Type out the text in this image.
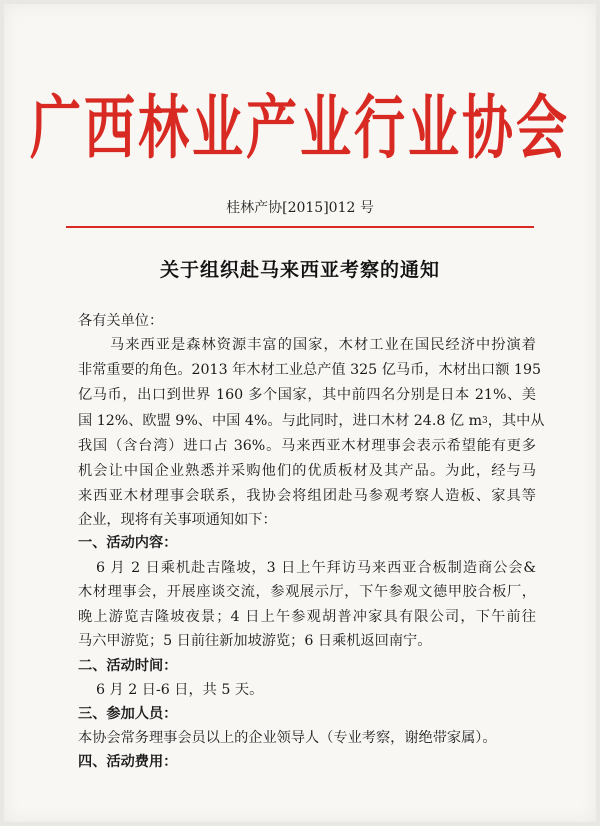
广西林业产业行业协会
桂林产协[2015]012 号
关于组织赴马来西亚考察的通知
各有关单位：
马来西亚是森林资源丰富的国家，木材工业在国民经济中扮演着
非常重要的角色。2013 年木材工业总产值 325 亿马币，木材出口额 195
亿马币，出口到世界 160 多个国家，其中前四名分别是日本 21%、美
国 12%、欧盟 9%、中国 4%。与此同时，进口木材 24.8 亿 m 3 ，其中从
我国（含台湾）进口占 36%。马来西亚木材理事会表示希望能有更多
机会让中国企业熟悉并采购他们的优质板材及其产品。为此，经与马
来西亚木材理事会联系，我协会将组团赴马参观考察人造板、家具等
企业，现将有关事项通知如下：
一、活动内容：
6 月 2 日乘机赴吉隆坡，3 日上午拜访马来西亚合板制造商公会&
木材理事会，开展座谈交流，参观展示厅，下午参观文德甲胶合板厂，
晚上游览吉隆坡夜景；4 日上午参观胡普冲家具有限公司，下午前往
马六甲游览；5 日前往新加坡游览；6 日乘机返回南宁。
二、活动时间：
6 月 2 日-6 日，共 5 天。
三、参加人员：
本协会常务理事会员以上的企业领导人（专业考察，谢绝带家属）。
四、活动费用：
